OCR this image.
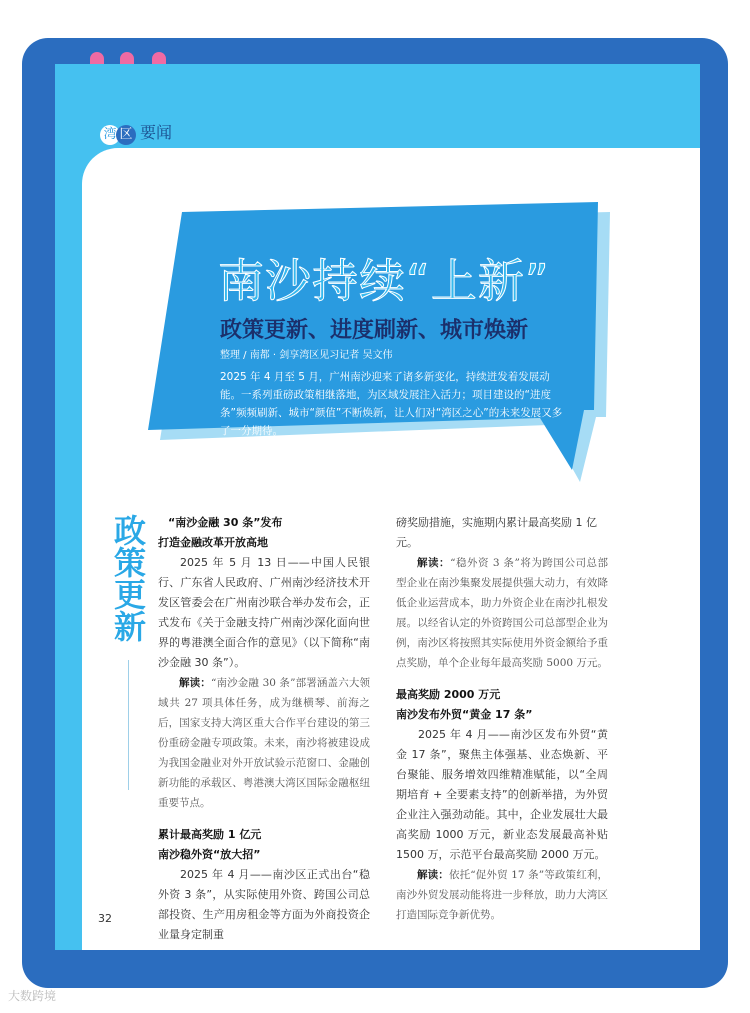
湾 区 要闻
南沙持续“上新”
政策更新、进度刷新、城市焕新
整理 / 南都 · 剑享湾区见习记者 吴文伟
2025 年 4 月至 5 月，广州南沙迎来了诸多新变化，持续迸发着发展动能。一系列重磅政策相继落地，为区域发展注入活力；项目建设的“进度条”频频刷新、城市“颜值”不断焕新，让人们对“湾区之心”的未来发展又多了一分期待。
政
策
更
新

“南沙金融 30 条”发布

打造金融改革开放高地

2025 年 5 月 13 日——中国人民银行、广东省人民政府、广州南沙经济技术开发区管委会在广州南沙联合举办发布会，正式发布《关于金融支持广州南沙深化面向世界的粤港澳全面合作的意见》（以下简称“南沙金融 30 条”）。

解读：“南沙金融 30 条”部署涵盖六大领域共 27 项具体任务，成为继横琴、前海之后，国家支持大湾区重大合作平台建设的第三份重磅金融专项政策。未来，南沙将被建设成为我国金融业对外开放试验示范窗口、金融创新功能的承载区、粤港澳大湾区国际金融枢纽重要节点。

累计最高奖励 1 亿元

南沙稳外资“放大招”

2025 年 4 月——南沙区正式出台“稳外资 3 条”，从实际使用外资、跨国公司总部投资、生产用房租金等方面为外商投资企业量身定制重

磅奖励措施，实施期内累计最高奖励 1 亿元。

解读：“稳外资 3 条”将为跨国公司总部型企业在南沙集聚发展提供强大动力，有效降低企业运营成本，助力外资企业在南沙扎根发展。以经省认定的外资跨国公司总部型企业为例，南沙区将按照其实际使用外资金额给予重点奖励，单个企业每年最高奖励 5000 万元。

最高奖励 2000 万元

南沙发布外贸“黄金 17 条”

2025 年 4 月——南沙区发布外贸“黄金 17 条”，聚焦主体强基、业态焕新、平台聚能、服务增效四维精准赋能，以“全周期培育 + 全要素支持”的创新举措，为外贸企业注入强劲动能。其中，企业发展壮大最高奖励 1000 万元，新业态发展最高补贴 1500 万，示范平台最高奖励 2000 万元。

解读：依托“促外贸 17 条”等政策红利，南沙外贸发展动能将进一步释放，助力大湾区打造国际竞争新优势。

32
大数跨境
